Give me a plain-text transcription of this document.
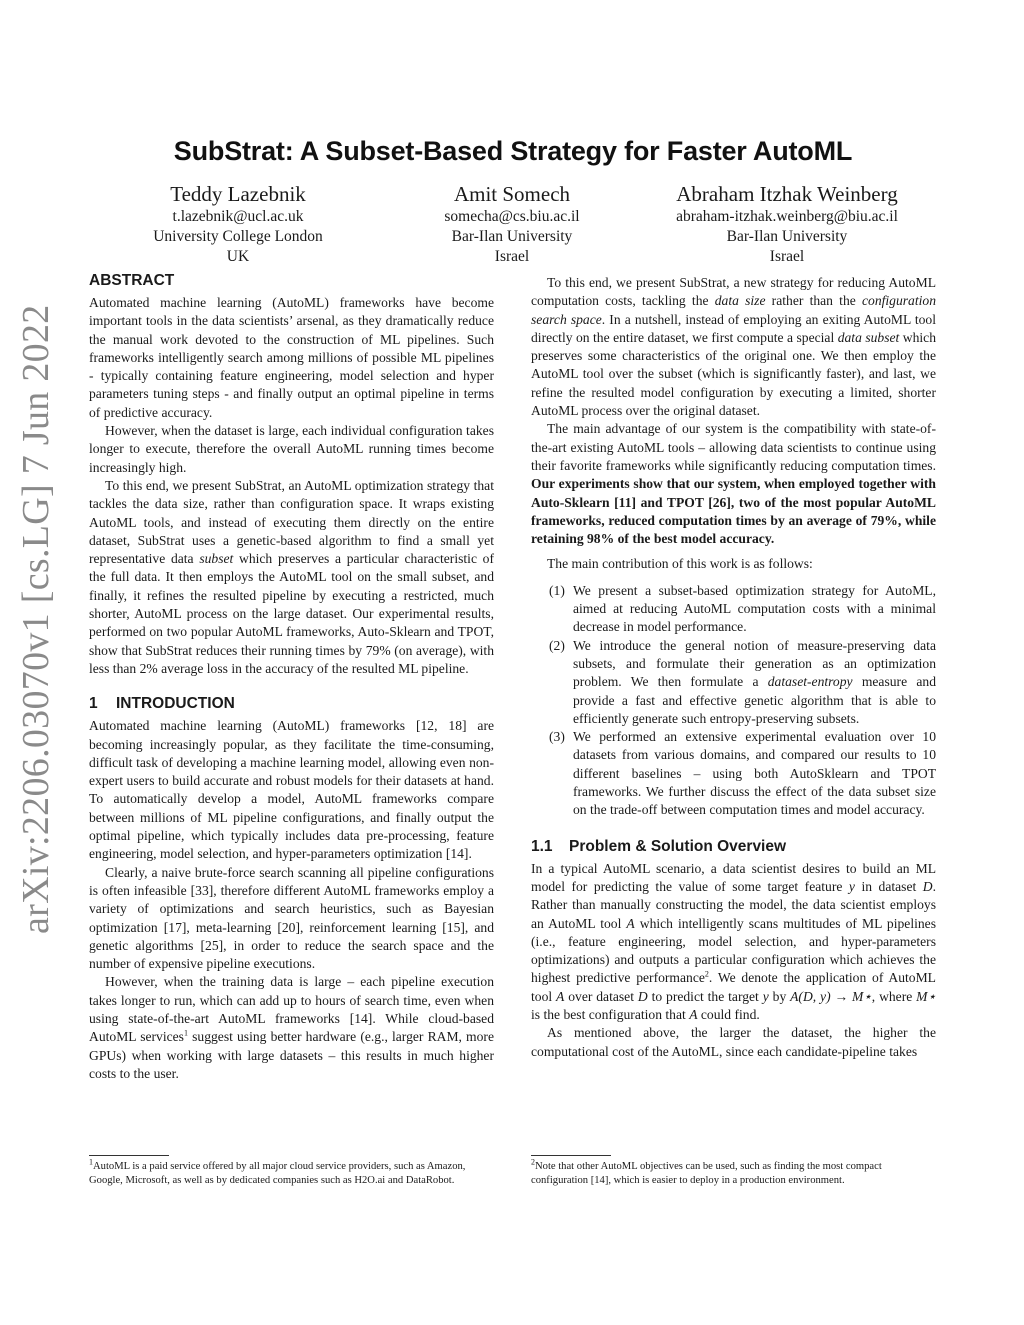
arXiv:2206.03070v1 [cs.LG] 7 Jun 2022
SubStrat: A Subset-Based Strategy for Faster AutoML
Teddy Lazebnik
t.lazebnik@ucl.ac.uk
University College London
UK
Amit Somech
somecha@cs.biu.ac.il
Bar-Ilan University
Israel
Abraham Itzhak Weinberg
abraham-itzhak.weinberg@biu.ac.il
Bar-Ilan University
Israel
ABSTRACT

Automated machine learning (AutoML) frameworks have become important tools in the data scientists’ arsenal, as they dramatically reduce the manual work devoted to the construction of ML pipelines. Such frameworks intelligently search among millions of possible ML pipelines - typically containing feature engineering, model selection and hyper parameters tuning steps - and finally output an optimal pipeline in terms of predictive accuracy.

However, when the dataset is large, each individual configuration takes longer to execute, therefore the overall AutoML running times become increasingly high.

To this end, we present SubStrat, an AutoML optimization strategy that tackles the data size, rather than configuration space. It wraps existing AutoML tools, and instead of executing them directly on the entire dataset, SubStrat uses a genetic-based algorithm to find a small yet representative data subset which preserves a particular characteristic of the full data. It then employs the AutoML tool on the small subset, and finally, it refines the resulted pipeline by executing a restricted, much shorter, AutoML process on the large dataset. Our experimental results, performed on two popular AutoML frameworks, Auto-Sklearn and TPOT, show that SubStrat reduces their running times by 79% (on average), with less than 2% average loss in the accuracy of the resulted ML pipeline.

1 INTRODUCTION

Automated machine learning (AutoML) frameworks [12, 18] are becoming increasingly popular, as they facilitate the time-consuming, difficult task of developing a machine learning model, allowing even non-expert users to build accurate and robust models for their datasets at hand. To automatically develop a model, AutoML frameworks compare between millions of ML pipeline configurations, and finally output the optimal pipeline, which typically includes data pre-processing, feature engineering, model selection, and hyper-parameters optimization [14].

Clearly, a naive brute-force search scanning all pipeline configurations is often infeasible [33], therefore different AutoML frameworks employ a variety of optimizations and search heuristics, such as Bayesian optimization [17], meta-learning [20], reinforcement learning [15], and genetic algorithms [25], in order to reduce the search space and the number of expensive pipeline executions.

However, when the training data is large – each pipeline execution takes longer to run, which can add up to hours of search time, even when using state-of-the-art AutoML frameworks [14]. While cloud-based AutoML services$^1$ suggest using better hardware (e.g., larger RAM, more GPUs) when working with large datasets – this results in much higher costs to the user.

To this end, we present SubStrat, a new strategy for reducing AutoML computation costs, tackling the data size rather than the configuration search space. In a nutshell, instead of employing an exiting AutoML tool directly on the entire dataset, we first compute a special data subset which preserves some characteristics of the original one. We then employ the AutoML tool over the subset (which is significantly faster), and last, we refine the resulted model configuration by executing a limited, shorter AutoML process over the original dataset.

The main advantage of our system is the compatibility with state-of-the-art existing AutoML tools – allowing data scientists to continue using their favorite frameworks while significantly reducing computation times. Our experiments show that our system, when employed together with Auto-Sklearn [11] and TPOT [26], two of the most popular AutoML frameworks, reduced computation times by an average of 79%, while retaining 98% of the best model accuracy.

The main contribution of this work is as follows:

(1) We present a subset-based optimization strategy for AutoML, aimed at reducing AutoML computation costs with a minimal decrease in model performance.
(2) We introduce the general notion of measure-preserving data subsets, and formulate their generation as an optimization problem. We then formulate a dataset-entropy measure and provide a fast and effective genetic algorithm that is able to efficiently generate such entropy-preserving subsets.
(3) We performed an extensive experimental evaluation over 10 datasets from various domains, and compared our results to 10 different baselines – using both AutoSklearn and TPOT frameworks. We further discuss the effect of the data subset size on the trade-off between computation times and model accuracy.
1.1 Problem & Solution Overview

In a typical AutoML scenario, a data scientist desires to build an ML model for predicting the value of some target feature y in dataset D. Rather than manually constructing the model, the data scientist employs an AutoML tool A which intelligently scans multitudes of ML pipelines (i.e., feature engineering, model selection, and hyper-parameters optimizations) and outputs a particular configuration which achieves the highest predictive performance$^2$. We denote the application of AutoML tool A over dataset D to predict the target y by A(D, y) → M⋆, where M⋆ is the best configuration that A could find.

As mentioned above, the larger the dataset, the higher the computational cost of the AutoML, since each candidate-pipeline takes

$^1$AutoML is a paid service offered by all major cloud service providers, such as Amazon, Google, Microsoft, as well as by dedicated companies such as H2O.ai and DataRobot.
$^2$Note that other AutoML objectives can be used, such as finding the most compact configuration [14], which is easier to deploy in a production environment.
